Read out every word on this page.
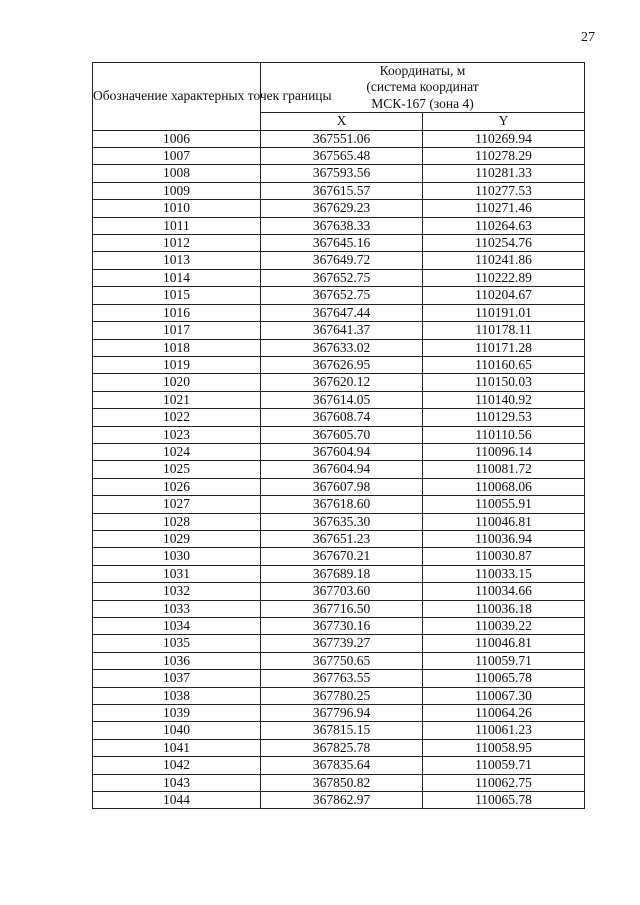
27
Обозначение характерных точек границы	Координаты, м
(система координат
МСК-167 (зона 4)	
	X	Y
1006	367551.06	110269.94
1007	367565.48	110278.29
1008	367593.56	110281.33
1009	367615.57	110277.53
1010	367629.23	110271.46
1011	367638.33	110264.63
1012	367645.16	110254.76
1013	367649.72	110241.86
1014	367652.75	110222.89
1015	367652.75	110204.67
1016	367647.44	110191.01
1017	367641.37	110178.11
1018	367633.02	110171.28
1019	367626.95	110160.65
1020	367620.12	110150.03
1021	367614.05	110140.92
1022	367608.74	110129.53
1023	367605.70	110110.56
1024	367604.94	110096.14
1025	367604.94	110081.72
1026	367607.98	110068.06
1027	367618.60	110055.91
1028	367635.30	110046.81
1029	367651.23	110036.94
1030	367670.21	110030.87
1031	367689.18	110033.15
1032	367703.60	110034.66
1033	367716.50	110036.18
1034	367730.16	110039.22
1035	367739.27	110046.81
1036	367750.65	110059.71
1037	367763.55	110065.78
1038	367780.25	110067.30
1039	367796.94	110064.26
1040	367815.15	110061.23
1041	367825.78	110058.95
1042	367835.64	110059.71
1043	367850.82	110062.75
1044	367862.97	110065.78
